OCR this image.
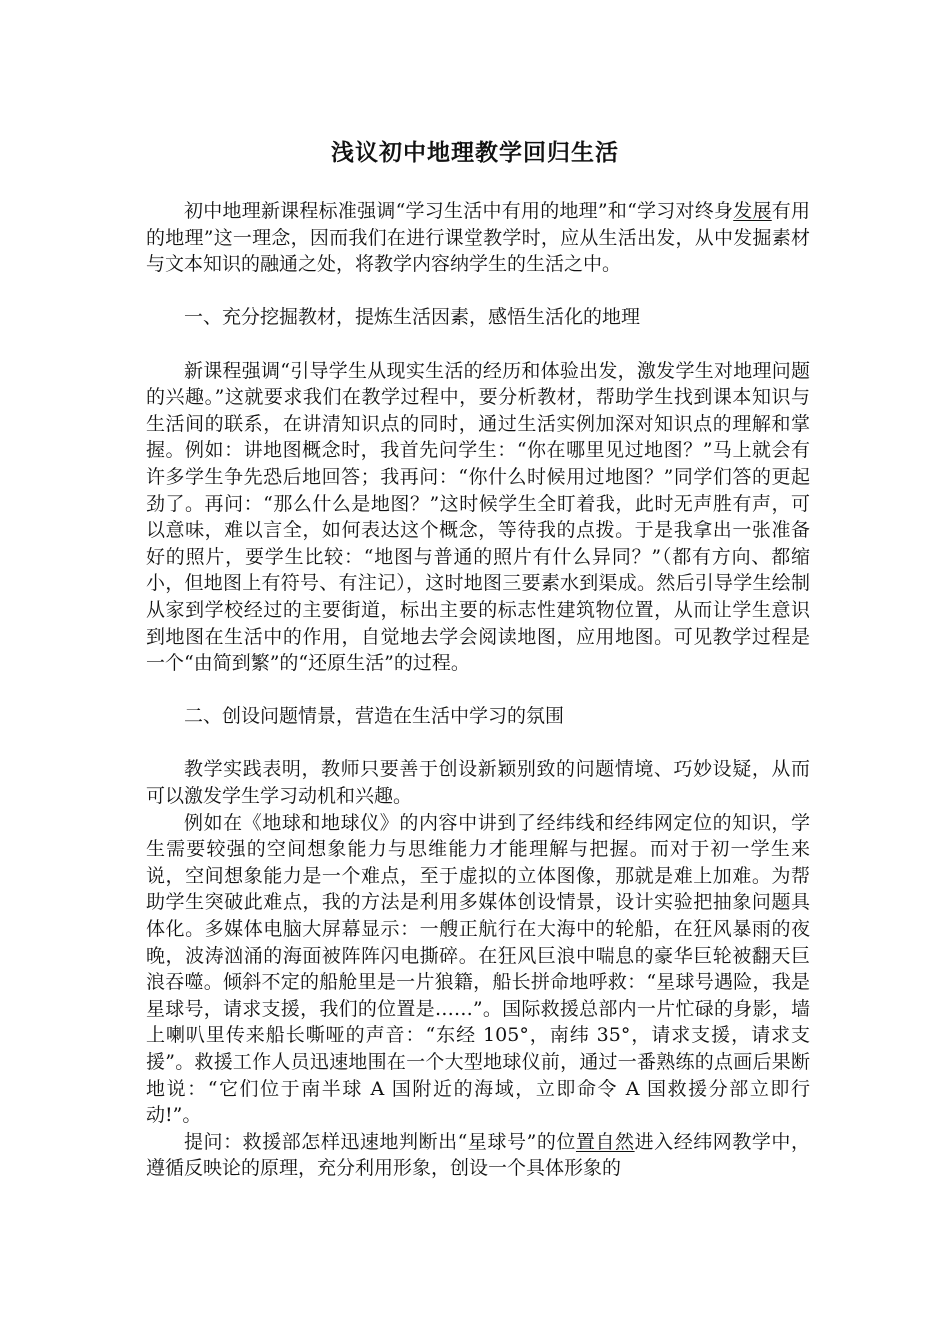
浅议初中地理教学回归生活

初中地理新课程标准强调“学习生活中有用的地理”和“学习对终身发展有用的地理”这一理念，因而我们在进行课堂教学时，应从生活出发，从中发掘素材与文本知识的融通之处，将教学内容纳学生的生活之中。

一、充分挖掘教材，提炼生活因素，感悟生活化的地理

新课程强调“引导学生从现实生活的经历和体验出发，激发学生对地理问题的兴趣。”这就要求我们在教学过程中，要分析教材，帮助学生找到课本知识与生活间的联系，在讲清知识点的同时，通过生活实例加深对知识点的理解和掌握。例如：讲地图概念时，我首先问学生：“你在哪里见过地图？”马上就会有许多学生争先恐后地回答；我再问：“你什么时候用过地图？”同学们答的更起劲了。再问：“那么什么是地图？”这时候学生全盯着我，此时无声胜有声，可以意味，难以言全，如何表达这个概念，等待我的点拨。于是我拿出一张准备好的照片，要学生比较：“地图与普通的照片有什么异同？”（都有方向、都缩小，但地图上有符号、有注记），这时地图三要素水到渠成。然后引导学生绘制从家到学校经过的主要街道，标出主要的标志性建筑物位置，从而让学生意识到地图在生活中的作用，自觉地去学会阅读地图，应用地图。可见教学过程是一个“由简到繁”的“还原生活”的过程。

二、创设问题情景，营造在生活中学习的氛围

教学实践表明，教师只要善于创设新颖别致的问题情境、巧妙设疑，从而可以激发学生学习动机和兴趣。

例如在《地球和地球仪》的内容中讲到了经纬线和经纬网定位的知识，学生需要较强的空间想象能力与思维能力才能理解与把握。而对于初一学生来说，空间想象能力是一个难点，至于虚拟的立体图像，那就是难上加难。为帮助学生突破此难点，我的方法是利用多媒体创设情景，设计实验把抽象问题具体化。多媒体电脑大屏幕显示：一艘正航行在大海中的轮船，在狂风暴雨的夜晚，波涛汹涌的海面被阵阵闪电撕碎。在狂风巨浪中喘息的豪华巨轮被翻天巨浪吞噬。倾斜不定的船舱里是一片狼籍，船长拼命地呼救：“星球号遇险，我是星球号，请求支援，我们的位置是……”。国际救援总部内一片忙碌的身影，墙上喇叭里传来船长嘶哑的声音：“东经 105°，南纬 35°，请求支援，请求支援”。救援工作人员迅速地围在一个大型地球仪前，通过一番熟练的点画后果断地说：“它们位于南半球 A 国附近的海域，立即命令 A 国救援分部立即行动!”。

提问：救援部怎样迅速地判断出“星球号”的位置自然进入经纬网教学中，遵循反映论的原理，充分利用形象，创设一个具体形象的
